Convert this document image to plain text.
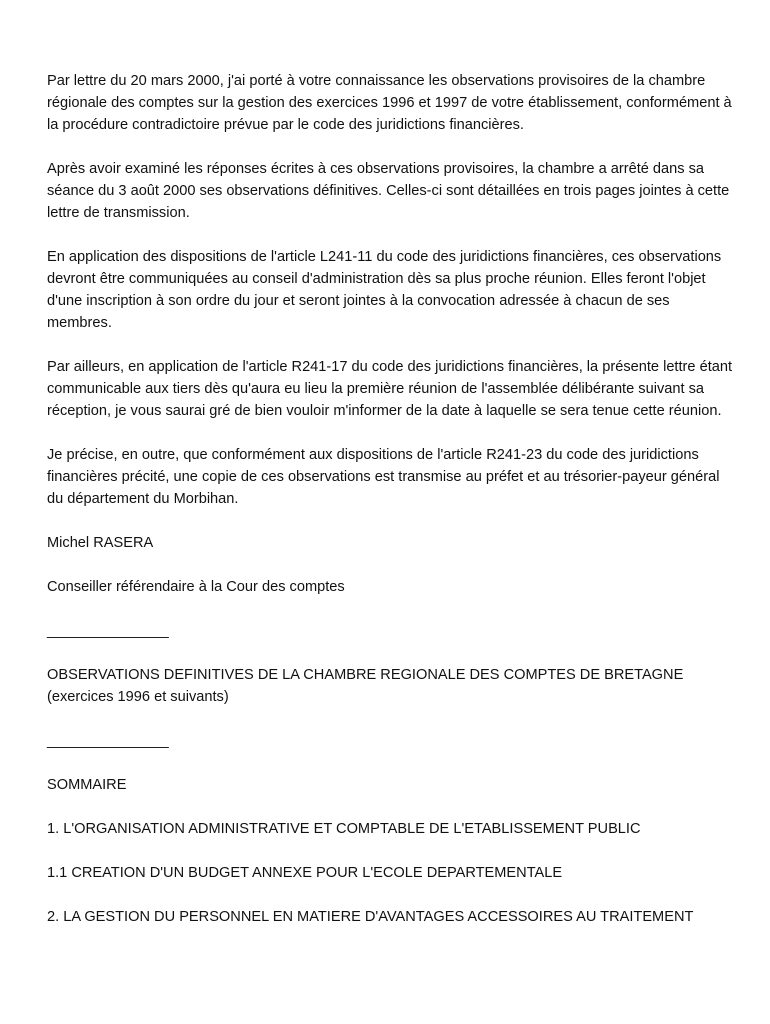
Par lettre du 20 mars 2000, j'ai porté à votre connaissance les observations provisoires de la chambre régionale des comptes sur la gestion des exercices 1996 et 1997 de votre établissement, conformément à la procédure contradictoire prévue par le code des juridictions financières.

Après avoir examiné les réponses écrites à ces observations provisoires, la chambre a arrêté dans sa séance du 3 août 2000 ses observations définitives. Celles-ci sont détaillées en trois pages jointes à cette lettre de transmission.

En application des dispositions de l'article L241-11 du code des juridictions financières, ces observations devront être communiquées au conseil d'administration dès sa plus proche réunion. Elles feront l'objet d'une inscription à son ordre du jour et seront jointes à la convocation adressée à chacun de ses membres.

Par ailleurs, en application de l'article R241-17 du code des juridictions financières, la présente lettre étant communicable aux tiers dès qu'aura eu lieu la première réunion de l'assemblée délibérante suivant sa réception, je vous saurai gré de bien vouloir m'informer de la date à laquelle se sera tenue cette réunion.

Je précise, en outre, que conformément aux dispositions de l'article R241-23 du code des juridictions financières précité, une copie de ces observations est transmise au préfet et au trésorier-payeur général du département du Morbihan.

Michel RASERA

Conseiller référendaire à la Cour des comptes

_______________

OBSERVATIONS DEFINITIVES DE LA CHAMBRE REGIONALE DES COMPTES DE BRETAGNE (exercices 1996 et suivants)

_______________

SOMMAIRE

1. L'ORGANISATION ADMINISTRATIVE ET COMPTABLE DE L'ETABLISSEMENT PUBLIC

1.1 CREATION D'UN BUDGET ANNEXE POUR L'ECOLE DEPARTEMENTALE

2. LA GESTION DU PERSONNEL EN MATIERE D'AVANTAGES ACCESSOIRES AU TRAITEMENT
